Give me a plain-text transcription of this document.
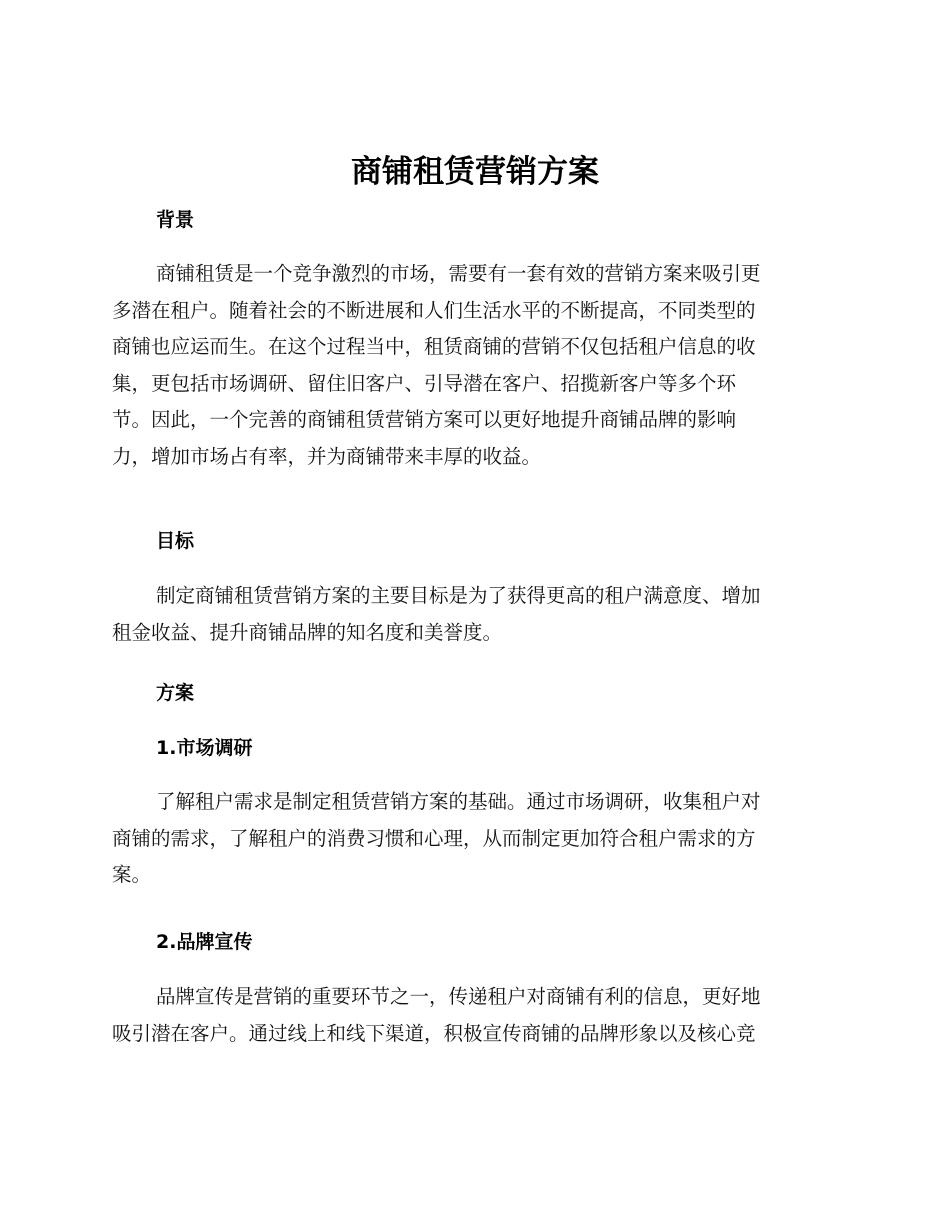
商铺租赁营销方案
背景
商铺租赁是一个竞争激烈的市场，需要有一套有效的营销方案来吸引更
多潜在租户。随着社会的不断进展和人们生活水平的不断提高，不同类型的
商铺也应运而生。在这个过程当中，租赁商铺的营销不仅包括租户信息的收
集，更包括市场调研、留住旧客户、引导潜在客户、招揽新客户等多个环
节。因此，一个完善的商铺租赁营销方案可以更好地提升商铺品牌的影响
力，增加市场占有率，并为商铺带来丰厚的收益。
目标
制定商铺租赁营销方案的主要目标是为了获得更高的租户满意度、增加
租金收益、提升商铺品牌的知名度和美誉度。
方案
1.市场调研
了解租户需求是制定租赁营销方案的基础。通过市场调研，收集租户对
商铺的需求，了解租户的消费习惯和心理，从而制定更加符合租户需求的方
案。
2.品牌宣传
品牌宣传是营销的重要环节之一，传递租户对商铺有利的信息，更好地
吸引潜在客户。通过线上和线下渠道，积极宣传商铺的品牌形象以及核心竞
